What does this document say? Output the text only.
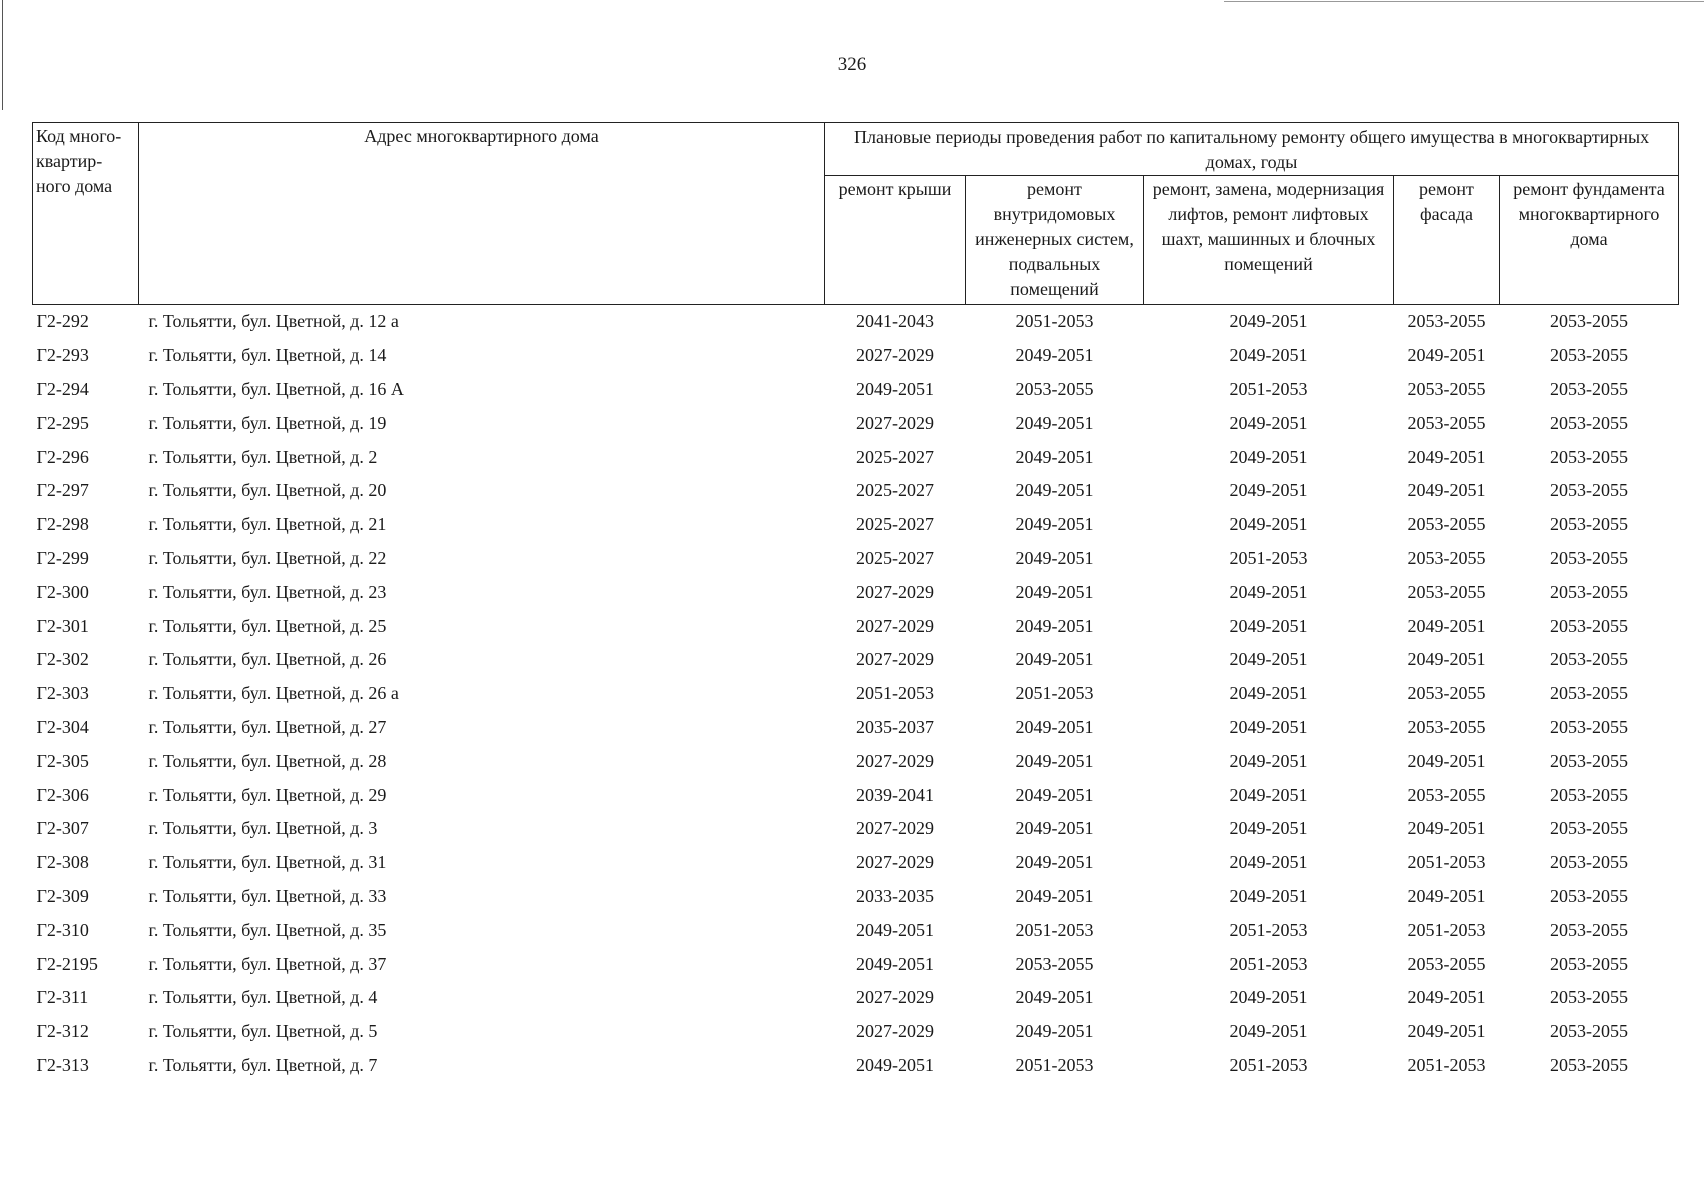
326
Код много-квартир-ного дома	Адрес многоквартирного дома	Плановые периоды проведения работ по капитальному ремонту общего имущества в многоквартирных домах, годы				
		ремонт крыши	ремонт внутридомовых инженерных систем, подвальных помещений	ремонт, замена, модернизация лифтов, ремонт лифтовых шахт, машинных и блочных помещений	ремонт фасада	ремонт фундамента многоквартирного дома
Г2-292	г. Тольятти, бул. Цветной, д. 12 а	2041-2043	2051-2053	2049-2051	2053-2055	2053-2055
Г2-293	г. Тольятти, бул. Цветной, д. 14	2027-2029	2049-2051	2049-2051	2049-2051	2053-2055
Г2-294	г. Тольятти, бул. Цветной, д. 16 А	2049-2051	2053-2055	2051-2053	2053-2055	2053-2055
Г2-295	г. Тольятти, бул. Цветной, д. 19	2027-2029	2049-2051	2049-2051	2053-2055	2053-2055
Г2-296	г. Тольятти, бул. Цветной, д. 2	2025-2027	2049-2051	2049-2051	2049-2051	2053-2055
Г2-297	г. Тольятти, бул. Цветной, д. 20	2025-2027	2049-2051	2049-2051	2049-2051	2053-2055
Г2-298	г. Тольятти, бул. Цветной, д. 21	2025-2027	2049-2051	2049-2051	2053-2055	2053-2055
Г2-299	г. Тольятти, бул. Цветной, д. 22	2025-2027	2049-2051	2051-2053	2053-2055	2053-2055
Г2-300	г. Тольятти, бул. Цветной, д. 23	2027-2029	2049-2051	2049-2051	2053-2055	2053-2055
Г2-301	г. Тольятти, бул. Цветной, д. 25	2027-2029	2049-2051	2049-2051	2049-2051	2053-2055
Г2-302	г. Тольятти, бул. Цветной, д. 26	2027-2029	2049-2051	2049-2051	2049-2051	2053-2055
Г2-303	г. Тольятти, бул. Цветной, д. 26 а	2051-2053	2051-2053	2049-2051	2053-2055	2053-2055
Г2-304	г. Тольятти, бул. Цветной, д. 27	2035-2037	2049-2051	2049-2051	2053-2055	2053-2055
Г2-305	г. Тольятти, бул. Цветной, д. 28	2027-2029	2049-2051	2049-2051	2049-2051	2053-2055
Г2-306	г. Тольятти, бул. Цветной, д. 29	2039-2041	2049-2051	2049-2051	2053-2055	2053-2055
Г2-307	г. Тольятти, бул. Цветной, д. 3	2027-2029	2049-2051	2049-2051	2049-2051	2053-2055
Г2-308	г. Тольятти, бул. Цветной, д. 31	2027-2029	2049-2051	2049-2051	2051-2053	2053-2055
Г2-309	г. Тольятти, бул. Цветной, д. 33	2033-2035	2049-2051	2049-2051	2049-2051	2053-2055
Г2-310	г. Тольятти, бул. Цветной, д. 35	2049-2051	2051-2053	2051-2053	2051-2053	2053-2055
Г2-2195	г. Тольятти, бул. Цветной, д. 37	2049-2051	2053-2055	2051-2053	2053-2055	2053-2055
Г2-311	г. Тольятти, бул. Цветной, д. 4	2027-2029	2049-2051	2049-2051	2049-2051	2053-2055
Г2-312	г. Тольятти, бул. Цветной, д. 5	2027-2029	2049-2051	2049-2051	2049-2051	2053-2055
Г2-313	г. Тольятти, бул. Цветной, д. 7	2049-2051	2051-2053	2051-2053	2051-2053	2053-2055
